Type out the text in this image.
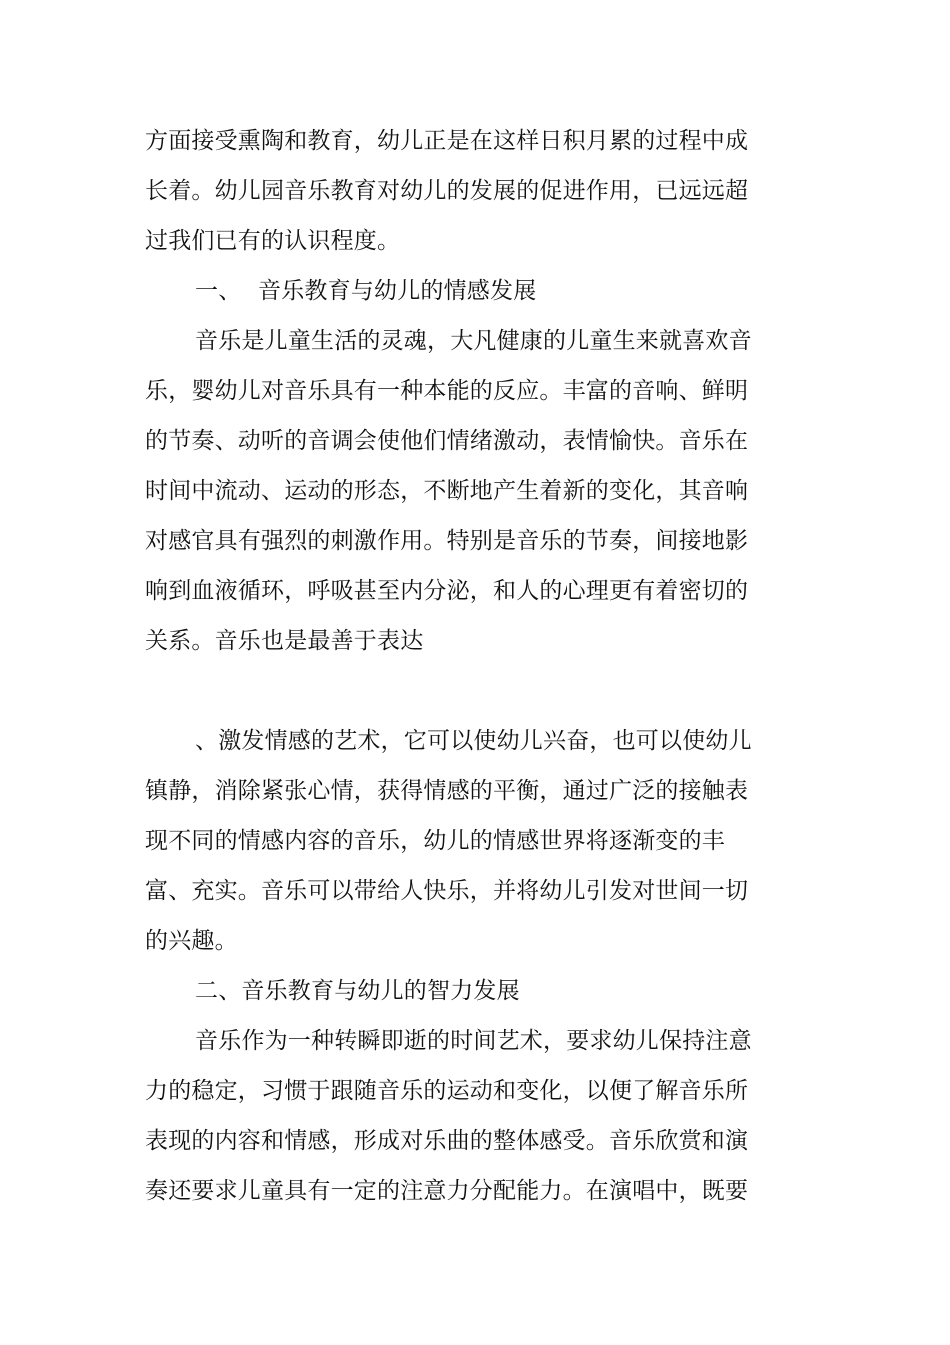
方面接受熏陶和教育，幼儿正是在这样日积月累的过程中成
长着。幼儿园音乐教育对幼儿的发展的促进作用，已远远超
过我们已有的认识程度。
一、 音乐教育与幼儿的情感发展
音乐是儿童生活的灵魂，大凡健康的儿童生来就喜欢音
乐，婴幼儿对音乐具有一种本能的反应。丰富的音响、鲜明
的节奏、动听的音调会使他们情绪激动，表情愉快。音乐在
时间中流动、运动的形态，不断地产生着新的变化，其音响
对感官具有强烈的刺激作用。特别是音乐的节奏，间接地影
响到血液循环，呼吸甚至内分泌，和人的心理更有着密切的
关系。音乐也是最善于表达
、激发情感的艺术，它可以使幼儿兴奋，也可以使幼儿
镇静，消除紧张心情，获得情感的平衡，通过广泛的接触表
现不同的情感内容的音乐，幼儿的情感世界将逐渐变的丰
富、充实。音乐可以带给人快乐，并将幼儿引发对世间一切
的兴趣。
二、音乐教育与幼儿的智力发展
音乐作为一种转瞬即逝的时间艺术，要求幼儿保持注意
力的稳定，习惯于跟随音乐的运动和变化，以便了解音乐所
表现的内容和情感，形成对乐曲的整体感受。音乐欣赏和演
奏还要求儿童具有一定的注意力分配能力。在演唱中，既要
